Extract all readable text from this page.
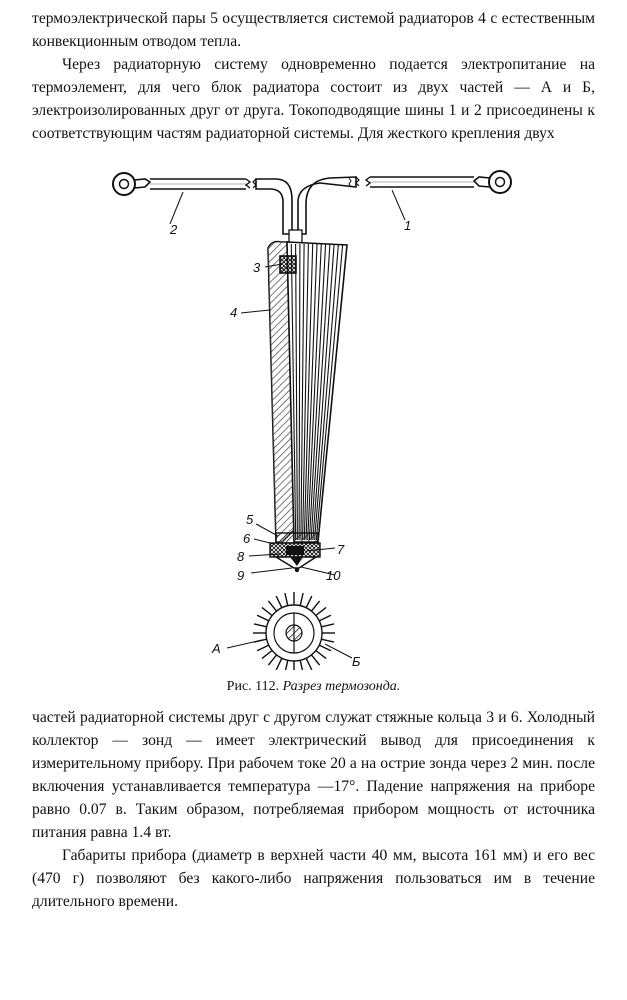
термоэлектрической пары 5 осуществляется системой радиаторов 4 с естественным конвекционным отводом тепла.

Через радиаторную систему одновременно подается электропитание на термоэлемент, для чего блок радиатора состоит из двух частей — А и Б, электроизолированных друг от друга. Токоподводящие шины 1 и 2 присоединены к соответствующим частям радиаторной системы. Для жесткого крепления двух

2	1
3
4
5
6
7
8
9	10
А
Б
Рис. 112. Разрез термозонда.

частей радиаторной системы друг с другом служат стяжные кольца 3 и 6. Холодный коллектор — зонд — имеет электрический вывод для присоединения к измерительному прибору. При рабочем токе 20 а на острие зонда через 2 мин. после включения устанавливается температура —17°. Падение напряжения на приборе равно 0.07 в. Таким образом, потребляемая прибором мощность от источника питания равна 1.4 вт.

Габариты прибора (диаметр в верхней части 40 мм, высота 161 мм) и его вес (470 г) позволяют без какого-либо напряжения пользоваться им в течение длительного времени.
